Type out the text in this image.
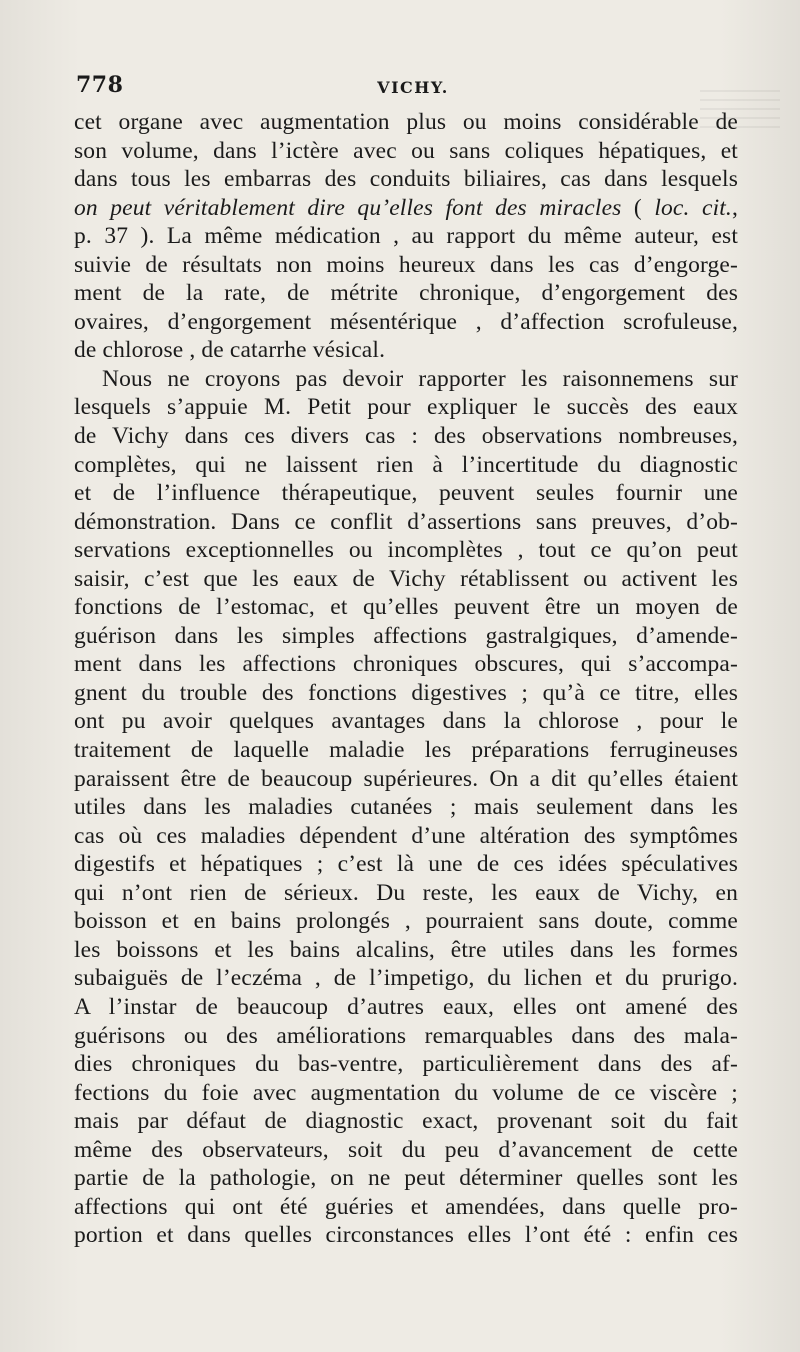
778	VICHY.
cet organe avec augmentation plus ou moins considérable de
son volume, dans l’ictère avec ou sans coliques hépatiques, et
dans tous les embarras des conduits biliaires, cas dans lesquels
on peut véritablement dire qu’elles font des miracles ( loc. cit.,
p. 37 ). La même médication , au rapport du même auteur, est
suivie de résultats non moins heureux dans les cas d’engorge-
ment de la rate, de métrite chronique, d’engorgement des
ovaires, d’engorgement mésentérique , d’affection scrofuleuse,
de chlorose , de catarrhe vésical.
Nous ne croyons pas devoir rapporter les raisonnemens sur
lesquels s’appuie M. Petit pour expliquer le succès des eaux
de Vichy dans ces divers cas : des observations nombreuses,
complètes, qui ne laissent rien à l’incertitude du diagnostic
et de l’influence thérapeutique, peuvent seules fournir une
démonstration. Dans ce conflit d’assertions sans preuves, d’ob-
servations exceptionnelles ou incomplètes , tout ce qu’on peut
saisir, c’est que les eaux de Vichy rétablissent ou activent les
fonctions de l’estomac, et qu’elles peuvent être un moyen de
guérison dans les simples affections gastralgiques, d’amende-
ment dans les affections chroniques obscures, qui s’accompa-
gnent du trouble des fonctions digestives ; qu’à ce titre, elles
ont pu avoir quelques avantages dans la chlorose , pour le
traitement de laquelle maladie les préparations ferrugineuses
paraissent être de beaucoup supérieures. On a dit qu’elles étaient
utiles dans les maladies cutanées ; mais seulement dans les
cas où ces maladies dépendent d’une altération des symptômes
digestifs et hépatiques ; c’est là une de ces idées spéculatives
qui n’ont rien de sérieux. Du reste, les eaux de Vichy, en
boisson et en bains prolongés , pourraient sans doute, comme
les boissons et les bains alcalins, être utiles dans les formes
subaiguës de l’eczéma , de l’impetigo, du lichen et du prurigo.
A l’instar de beaucoup d’autres eaux, elles ont amené des
guérisons ou des améliorations remarquables dans des mala-
dies chroniques du bas-ventre, particulièrement dans des af-
fections du foie avec augmentation du volume de ce viscère ;
mais par défaut de diagnostic exact, provenant soit du fait
même des observateurs, soit du peu d’avancement de cette
partie de la pathologie, on ne peut déterminer quelles sont les
affections qui ont été guéries et amendées, dans quelle pro-
portion et dans quelles circonstances elles l’ont été : enfin ces
